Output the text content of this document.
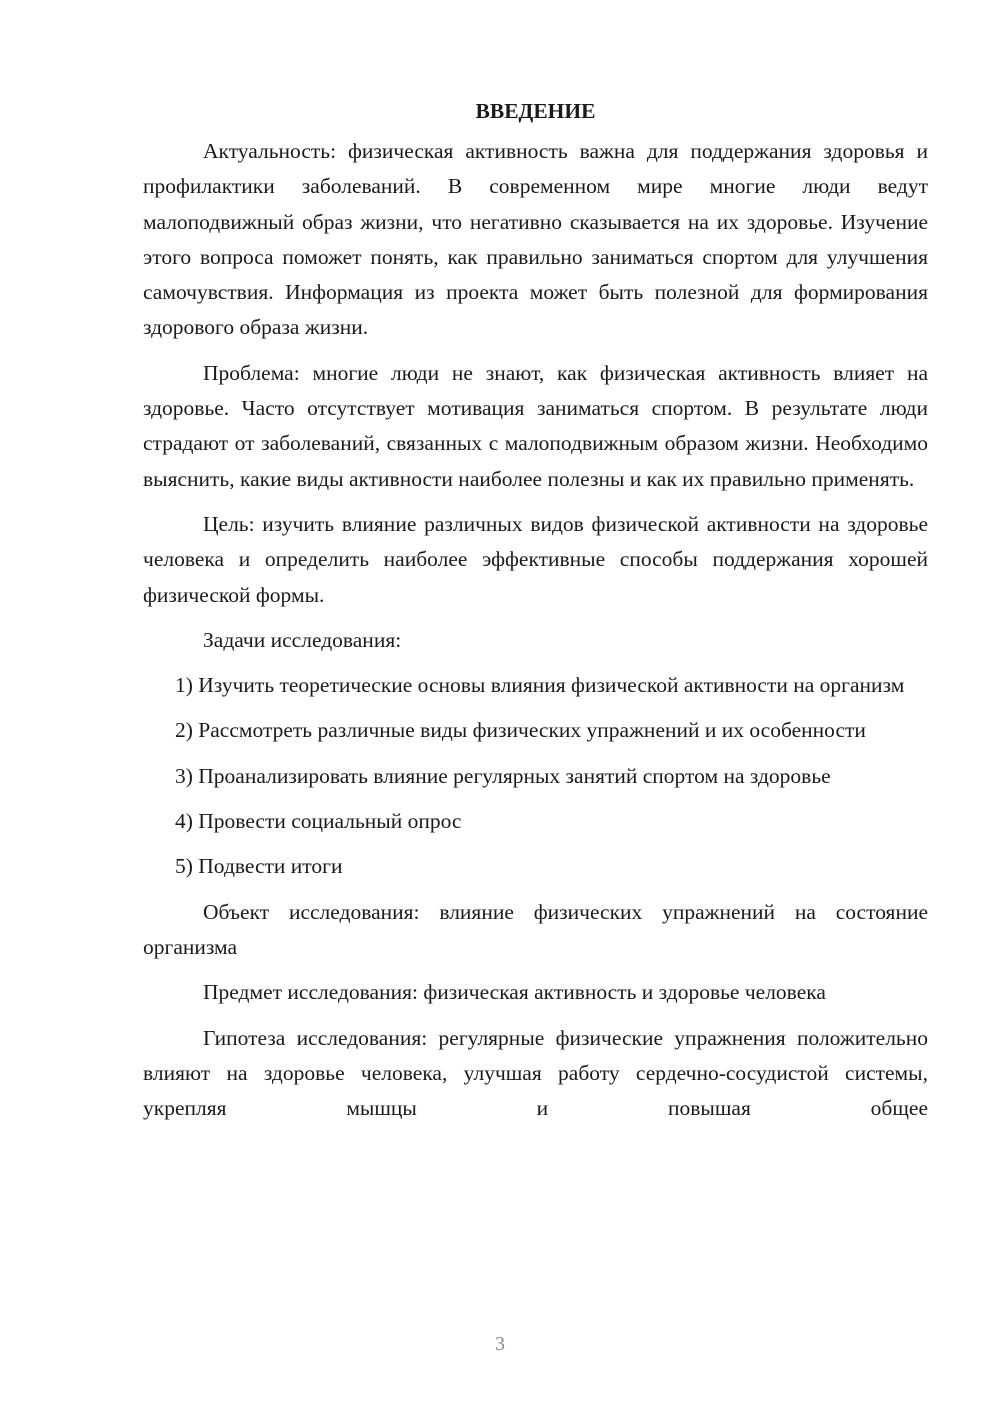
ВВЕДЕНИЕ

Актуальность: физическая активность важна для поддержания здоровья и профилактики заболеваний. В современном мире многие люди ведут малоподвижный образ жизни, что негативно сказывается на их здоровье. Изучение этого вопроса поможет понять, как правильно заниматься спортом для улучшения самочувствия. Информация из проекта может быть полезной для формирования здорового образа жизни.

Проблема: многие люди не знают, как физическая активность влияет на здоровье. Часто отсутствует мотивация заниматься спортом. В результате люди страдают от заболеваний, связанных с малоподвижным образом жизни. Необходимо выяснить, какие виды активности наиболее полезны и как их правильно применять.

Цель: изучить влияние различных видов физической активности на здоровье человека и определить наиболее эффективные способы поддержания хорошей физической формы.

Задачи исследования:

1) Изучить теоретические основы влияния физической активности на организм

2) Рассмотреть различные виды физических упражнений и их особенности

3) Проанализировать влияние регулярных занятий спортом на здоровье

4) Провести социальный опрос

5) Подвести итоги

Объект исследования: влияние физических упражнений на состояние организма

Предмет исследования: физическая активность и здоровье человека

Гипотеза исследования: регулярные физические упражнения положительно влияют на здоровье человека, улучшая работу сердечно-сосудистой системы, укрепляя мышцы и повышая общее

3
